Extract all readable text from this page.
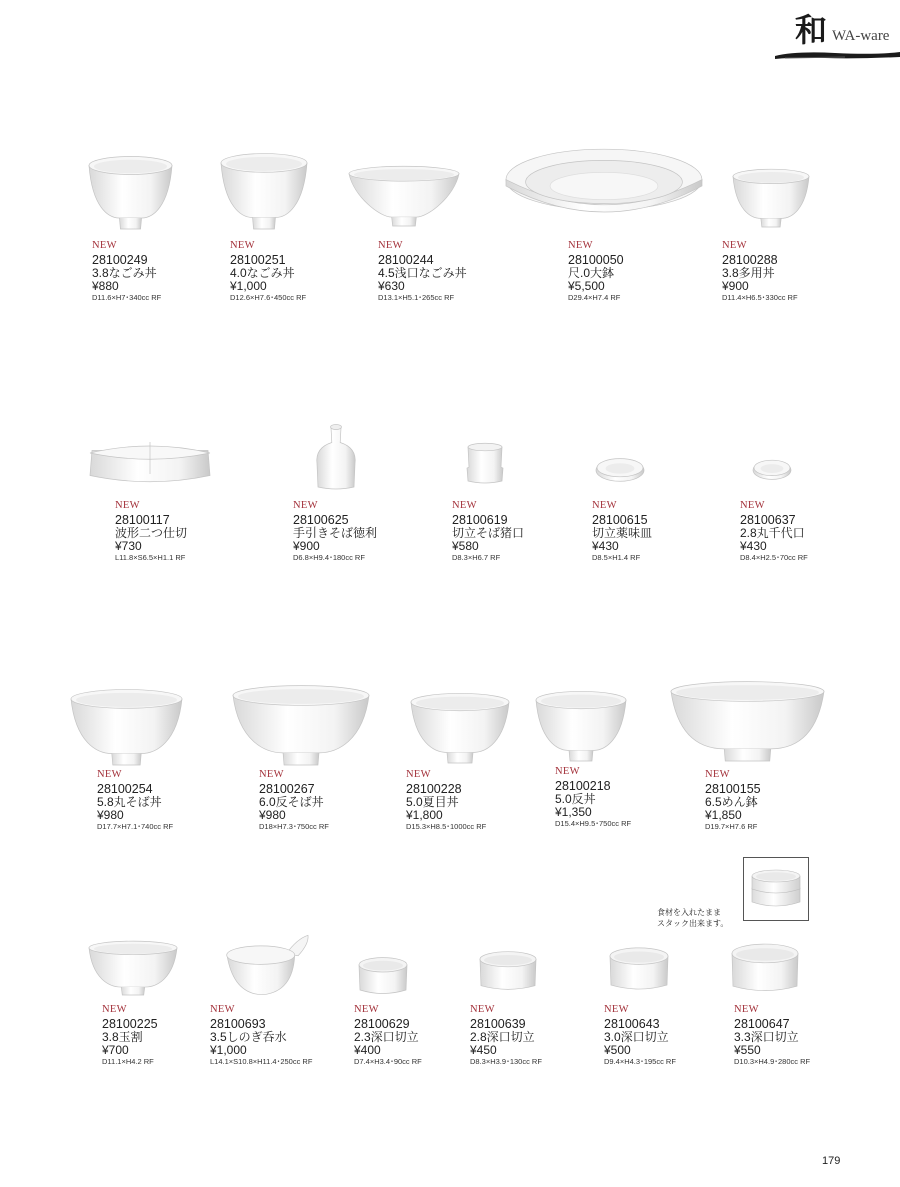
和 WA-ware
食材を入れたまま
スタック出来ます。
179
NEW
28100249
3.8なごみ丼
¥880
D11.6×H7･340cc RF
NEW
28100251
4.0なごみ丼
¥1,000
D12.6×H7.6･450cc RF
NEW
28100244
4.5浅口なごみ丼
¥630
D13.1×H5.1･265cc RF
NEW
28100050
尺.0大鉢
¥5,500
D29.4×H7.4 RF
NEW
28100288
3.8多用丼
¥900
D11.4×H6.5･330cc RF
NEW
28100117
波形二つ仕切
¥730
L11.8×S6.5×H1.1 RF
NEW
28100625
手引きそば徳利
¥900
D6.8×H9.4･180cc RF
NEW
28100619
切立そば猪口
¥580
D8.3×H6.7 RF
NEW
28100615
切立薬味皿
¥430
D8.5×H1.4 RF
NEW
28100637
2.8丸千代口
¥430
D8.4×H2.5･70cc RF
NEW
28100254
5.8丸そば丼
¥980
D17.7×H7.1･740cc RF
NEW
28100267
6.0反そば丼
¥980
D18×H7.3･750cc RF
NEW
28100228
5.0夏目丼
¥1,800
D15.3×H8.5･1000cc RF
NEW
28100218
5.0反丼
¥1,350
D15.4×H9.5･750cc RF
NEW
28100155
6.5めん鉢
¥1,850
D19.7×H7.6 RF
NEW
28100225
3.8玉割
¥700
D11.1×H4.2 RF
NEW
28100693
3.5しのぎ呑水
¥1,000
L14.1×S10.8×H11.4･250cc RF
NEW
28100629
2.3深口切立
¥400
D7.4×H3.4･90cc RF
NEW
28100639
2.8深口切立
¥450
D8.3×H3.9･130cc RF
NEW
28100643
3.0深口切立
¥500
D9.4×H4.3･195cc RF
NEW
28100647
3.3深口切立
¥550
D10.3×H4.9･280cc RF
